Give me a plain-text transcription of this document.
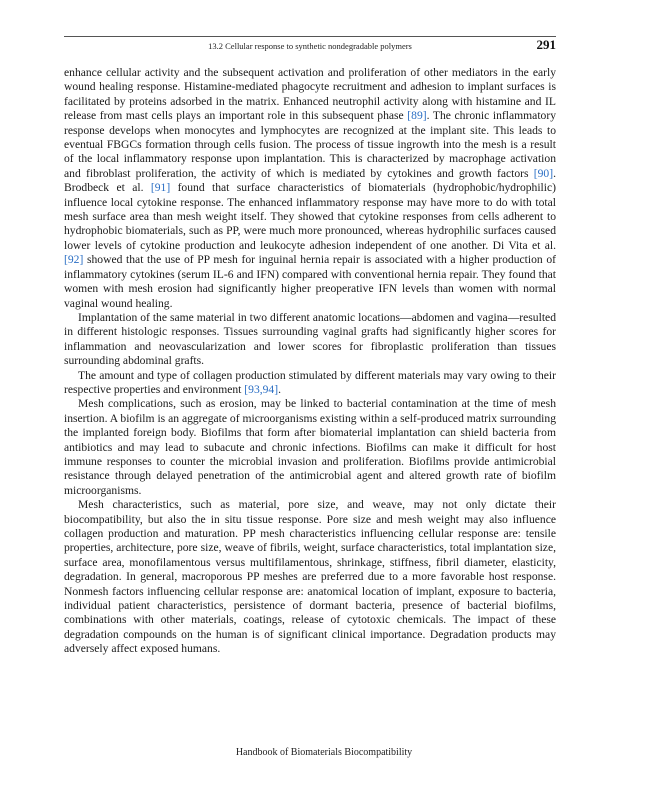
13.2 Cellular response to synthetic nondegradable polymers	291

enhance cellular activity and the subsequent activation and proliferation of other mediators in the early wound healing response. Histamine-mediated phagocyte recruitment and adhesion to implant surfaces is facilitated by proteins adsorbed in the matrix. Enhanced neutrophil activity along with histamine and IL release from mast cells plays an important role in this subsequent phase [89]. The chronic inflammatory response develops when monocytes and lymphocytes are recognized at the implant site. This leads to eventual FBGCs formation through cells fusion. The process of tissue ingrowth into the mesh is a result of the local inflammatory response upon implantation. This is characterized by macrophage activation and fibroblast proliferation, the activity of which is mediated by cytokines and growth factors [90]. Brodbeck et al. [91] found that surface characteristics of biomaterials (hydrophobic/hydrophilic) influence local cytokine response. The enhanced inflammatory response may have more to do with total mesh surface area than mesh weight itself. They showed that cytokine responses from cells adherent to hydrophobic biomaterials, such as PP, were much more pronounced, whereas hydrophilic surfaces caused lower levels of cytokine production and leukocyte adhesion independent of one another. Di Vita et al. [92] showed that the use of PP mesh for inguinal hernia repair is associated with a higher production of inflammatory cytokines (serum IL-6 and IFN) compared with conventional hernia repair. They found that women with mesh erosion had significantly higher preoperative IFN levels than women with normal vaginal wound healing.

Implantation of the same material in two different anatomic locations—abdomen and vagina—resulted in different histologic responses. Tissues surrounding vaginal grafts had significantly higher scores for inflammation and neovascularization and lower scores for fibroplastic proliferation than tissues surrounding abdominal grafts.

The amount and type of collagen production stimulated by different materials may vary owing to their respective properties and environment [93,94].

Mesh complications, such as erosion, may be linked to bacterial contamination at the time of mesh insertion. A biofilm is an aggregate of microorganisms existing within a self-produced matrix surrounding the implanted foreign body. Biofilms that form after biomaterial implantation can shield bacteria from antibiotics and may lead to subacute and chronic infections. Biofilms can make it difficult for host immune responses to counter the microbial invasion and proliferation. Biofilms provide antimicrobial resistance through delayed penetration of the antimicrobial agent and altered growth rate of biofilm microorganisms.

Mesh characteristics, such as material, pore size, and weave, may not only dictate their biocompatibility, but also the in situ tissue response. Pore size and mesh weight may also influence collagen production and maturation. PP mesh characteristics influencing cellular response are: tensile properties, architecture, pore size, weave of fibrils, weight, surface characteristics, total implantation size, surface area, monofilamentous versus multifilamentous, shrinkage, stiffness, fibril diameter, elasticity, degradation. In general, macroporous PP meshes are preferred due to a more favorable host response. Nonmesh factors influencing cellular response are: anatomical location of implant, exposure to bacteria, individual patient characteristics, persistence of dormant bacteria, presence of bacterial biofilms, combinations with other materials, coatings, release of cytotoxic chemicals. The impact of these degradation compounds on the human is of significant clinical importance. Degradation products may adversely affect exposed humans.

Handbook of Biomaterials Biocompatibility
